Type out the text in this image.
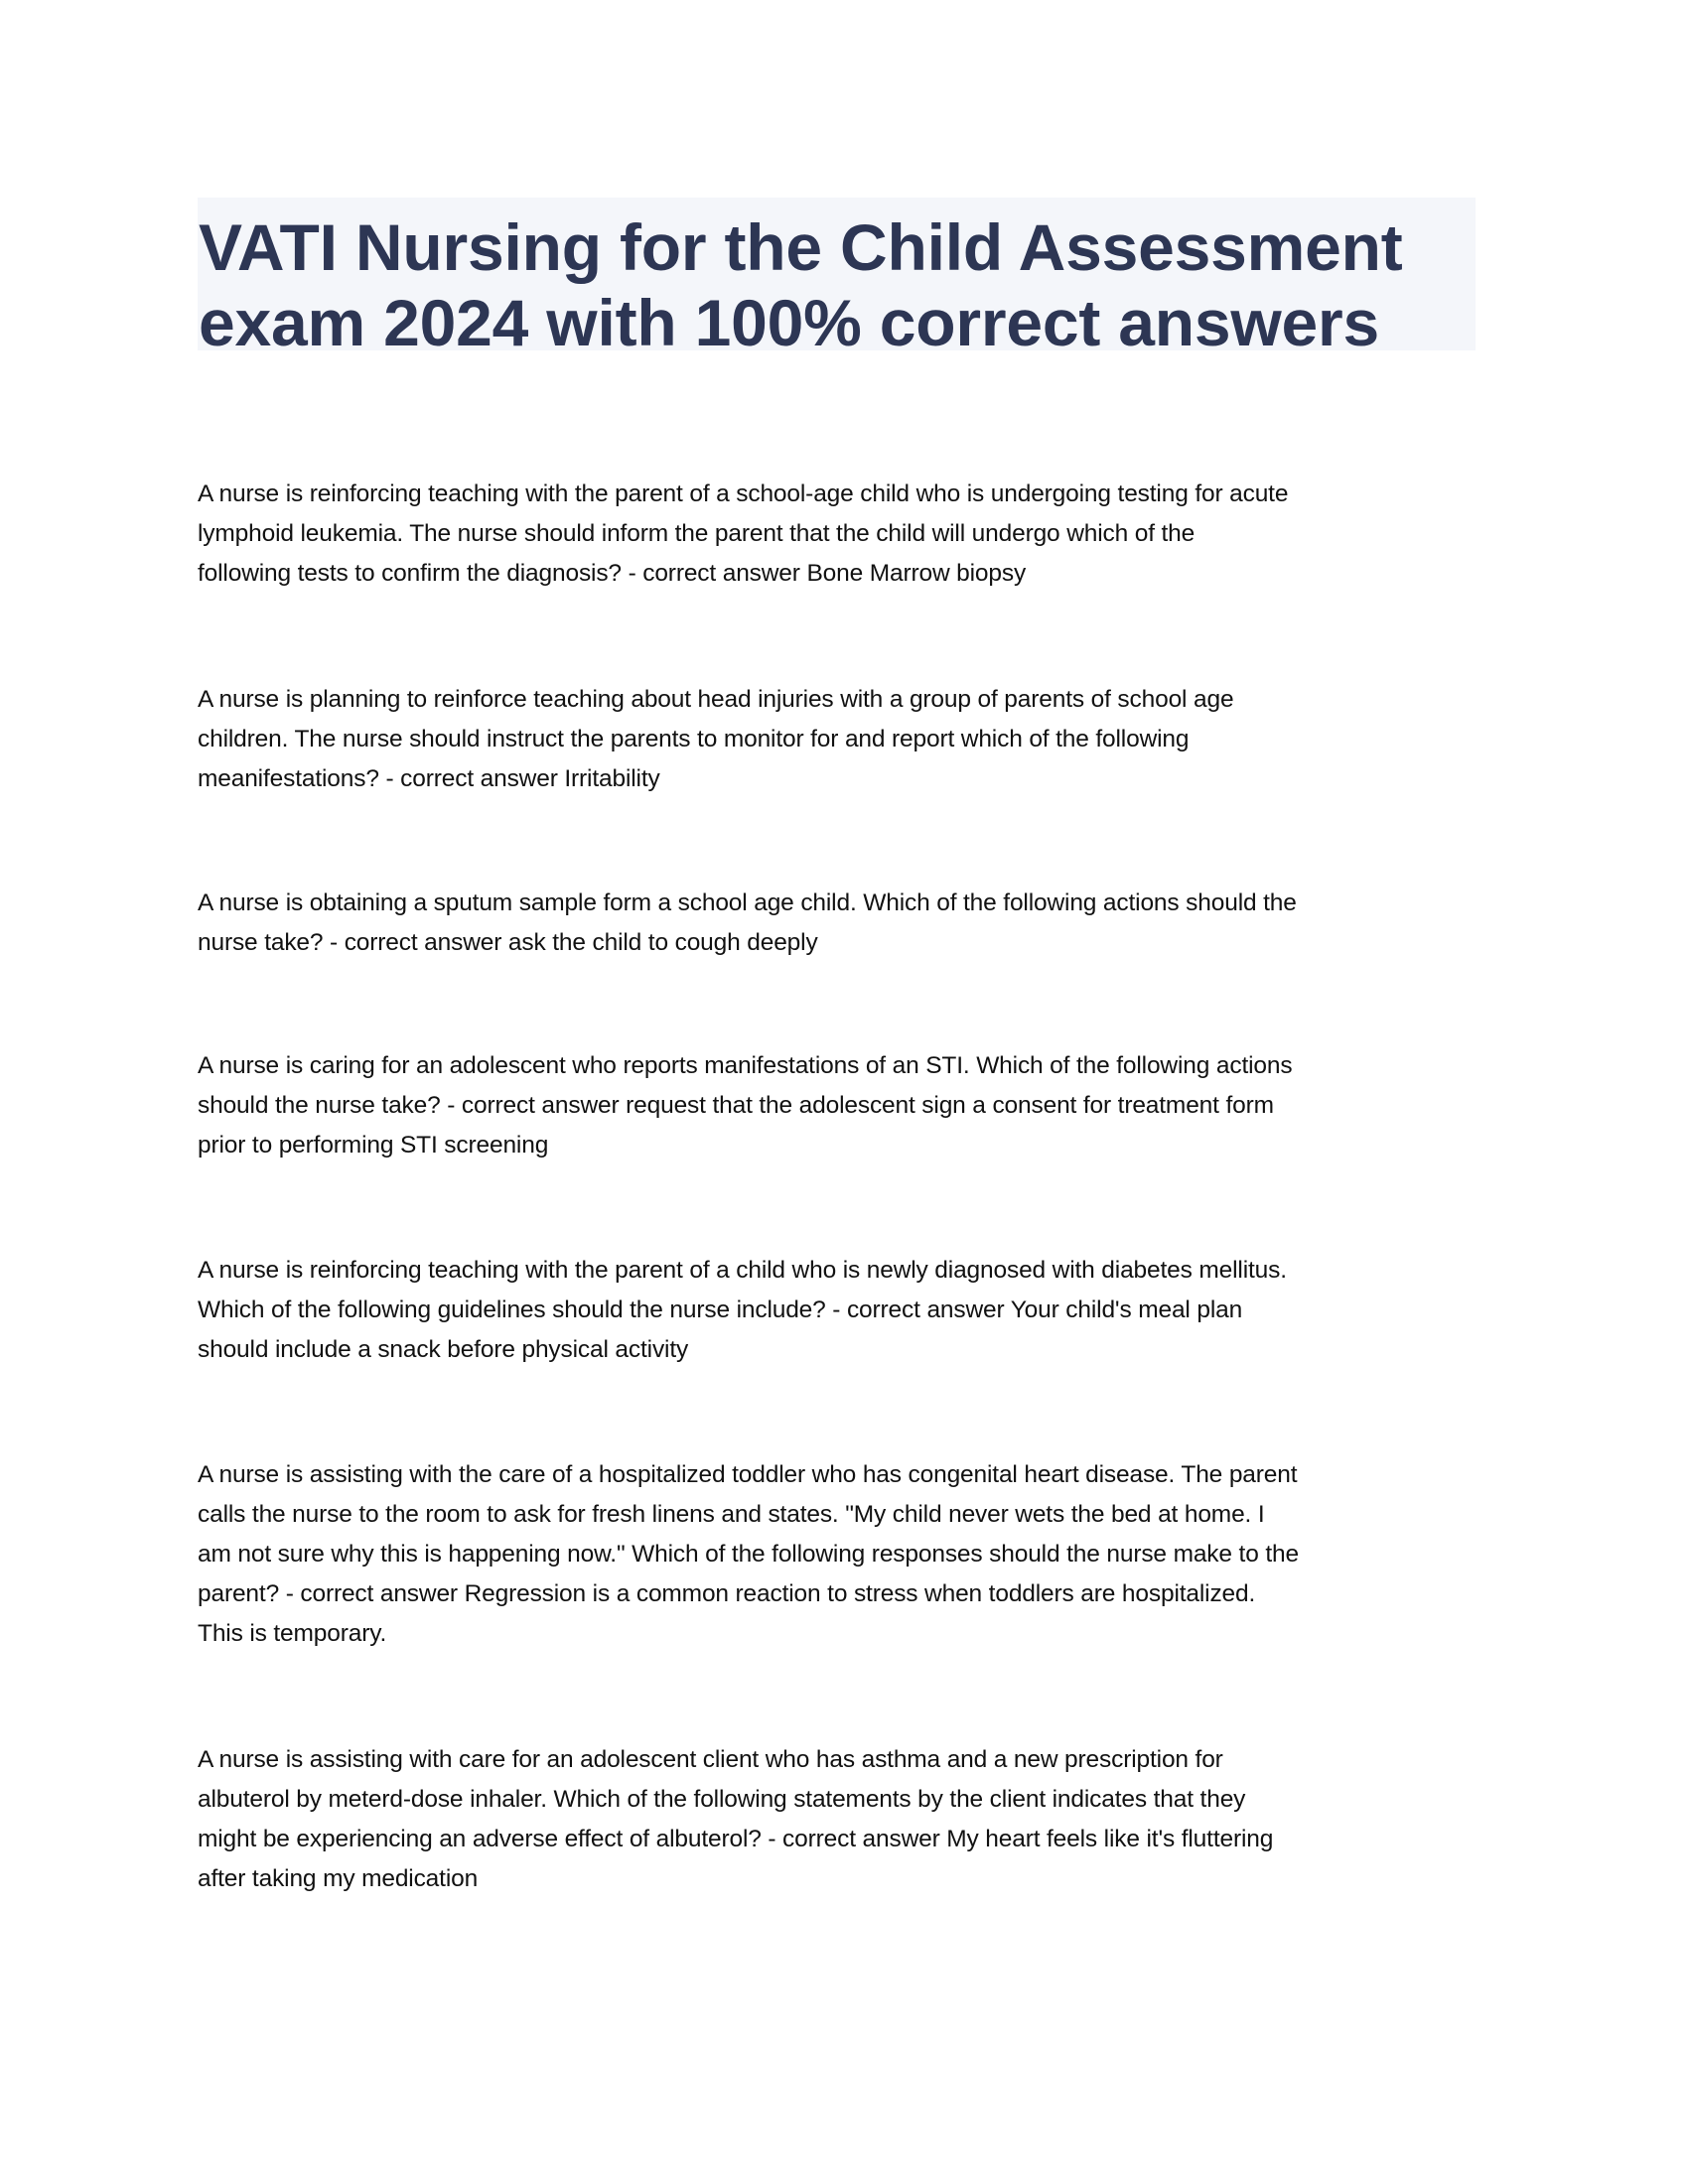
VATI Nursing for the Child Assessment
exam 2024 with 100% correct answers
A nurse is reinforcing teaching with the parent of a school-age child who is undergoing testing for acute
lymphoid leukemia. The nurse should inform the parent that the child will undergo which of the
following tests to confirm the diagnosis? - correct answer Bone Marrow biopsy
A nurse is planning to reinforce teaching about head injuries with a group of parents of school age
children. The nurse should instruct the parents to monitor for and report which of the following
meanifestations? - correct answer Irritability
A nurse is obtaining a sputum sample form a school age child. Which of the following actions should the
nurse take? - correct answer ask the child to cough deeply
A nurse is caring for an adolescent who reports manifestations of an STI. Which of the following actions
should the nurse take? - correct answer request that the adolescent sign a consent for treatment form
prior to performing STI screening
A nurse is reinforcing teaching with the parent of a child who is newly diagnosed with diabetes mellitus.
Which of the following guidelines should the nurse include? - correct answer Your child's meal plan
should include a snack before physical activity
A nurse is assisting with the care of a hospitalized toddler who has congenital heart disease. The parent
calls the nurse to the room to ask for fresh linens and states. "My child never wets the bed at home. I
am not sure why this is happening now." Which of the following responses should the nurse make to the
parent? - correct answer Regression is a common reaction to stress when toddlers are hospitalized.
This is temporary.
A nurse is assisting with care for an adolescent client who has asthma and a new prescription for
albuterol by meterd-dose inhaler. Which of the following statements by the client indicates that they
might be experiencing an adverse effect of albuterol? - correct answer My heart feels like it's fluttering
after taking my medication
